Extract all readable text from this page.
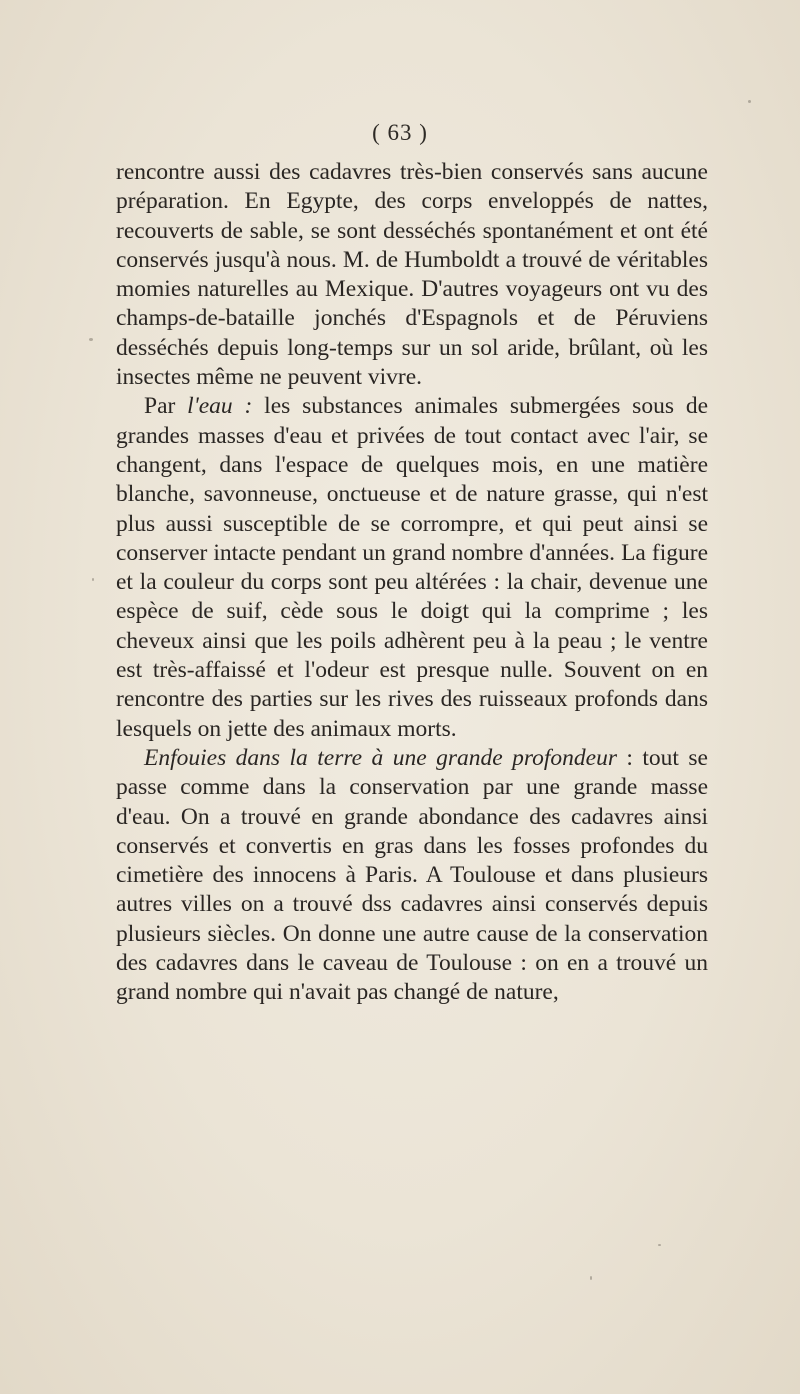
( 63 )

rencontre aussi des cadavres très-bien conservés sans aucune préparation. En Egypte, des corps enveloppés de nattes, recouverts de sable, se sont desséchés spontanément et ont été conservés jusqu'à nous. M. de Humboldt a trouvé de véritables momies naturelles au Mexique. D'autres voyageurs ont vu des champs-de-bataille jonchés d'Espagnols et de Péruviens desséchés depuis long-temps sur un sol aride, brûlant, où les insectes même ne peuvent vivre.

Par l'eau : les substances animales submergées sous de grandes masses d'eau et privées de tout contact avec l'air, se changent, dans l'espace de quelques mois, en une matière blanche, savonneuse, onctueuse et de nature grasse, qui n'est plus aussi susceptible de se corrompre, et qui peut ainsi se conserver intacte pendant un grand nombre d'années. La figure et la couleur du corps sont peu altérées : la chair, devenue une espèce de suif, cède sous le doigt qui la comprime ; les cheveux ainsi que les poils adhèrent peu à la peau ; le ventre est très-affaissé et l'odeur est presque nulle. Souvent on en rencontre des parties sur les rives des ruisseaux profonds dans lesquels on jette des animaux morts.

Enfouies dans la terre à une grande profondeur : tout se passe comme dans la conservation par une grande masse d'eau. On a trouvé en grande abondance des cadavres ainsi conservés et convertis en gras dans les fosses profondes du cimetière des innocens à Paris. A Toulouse et dans plusieurs autres villes on a trouvé dss cadavres ainsi conservés depuis plusieurs siècles. On donne une autre cause de la conservation des cadavres dans le caveau de Toulouse : on en a trouvé un grand nombre qui n'avait pas changé de nature,
